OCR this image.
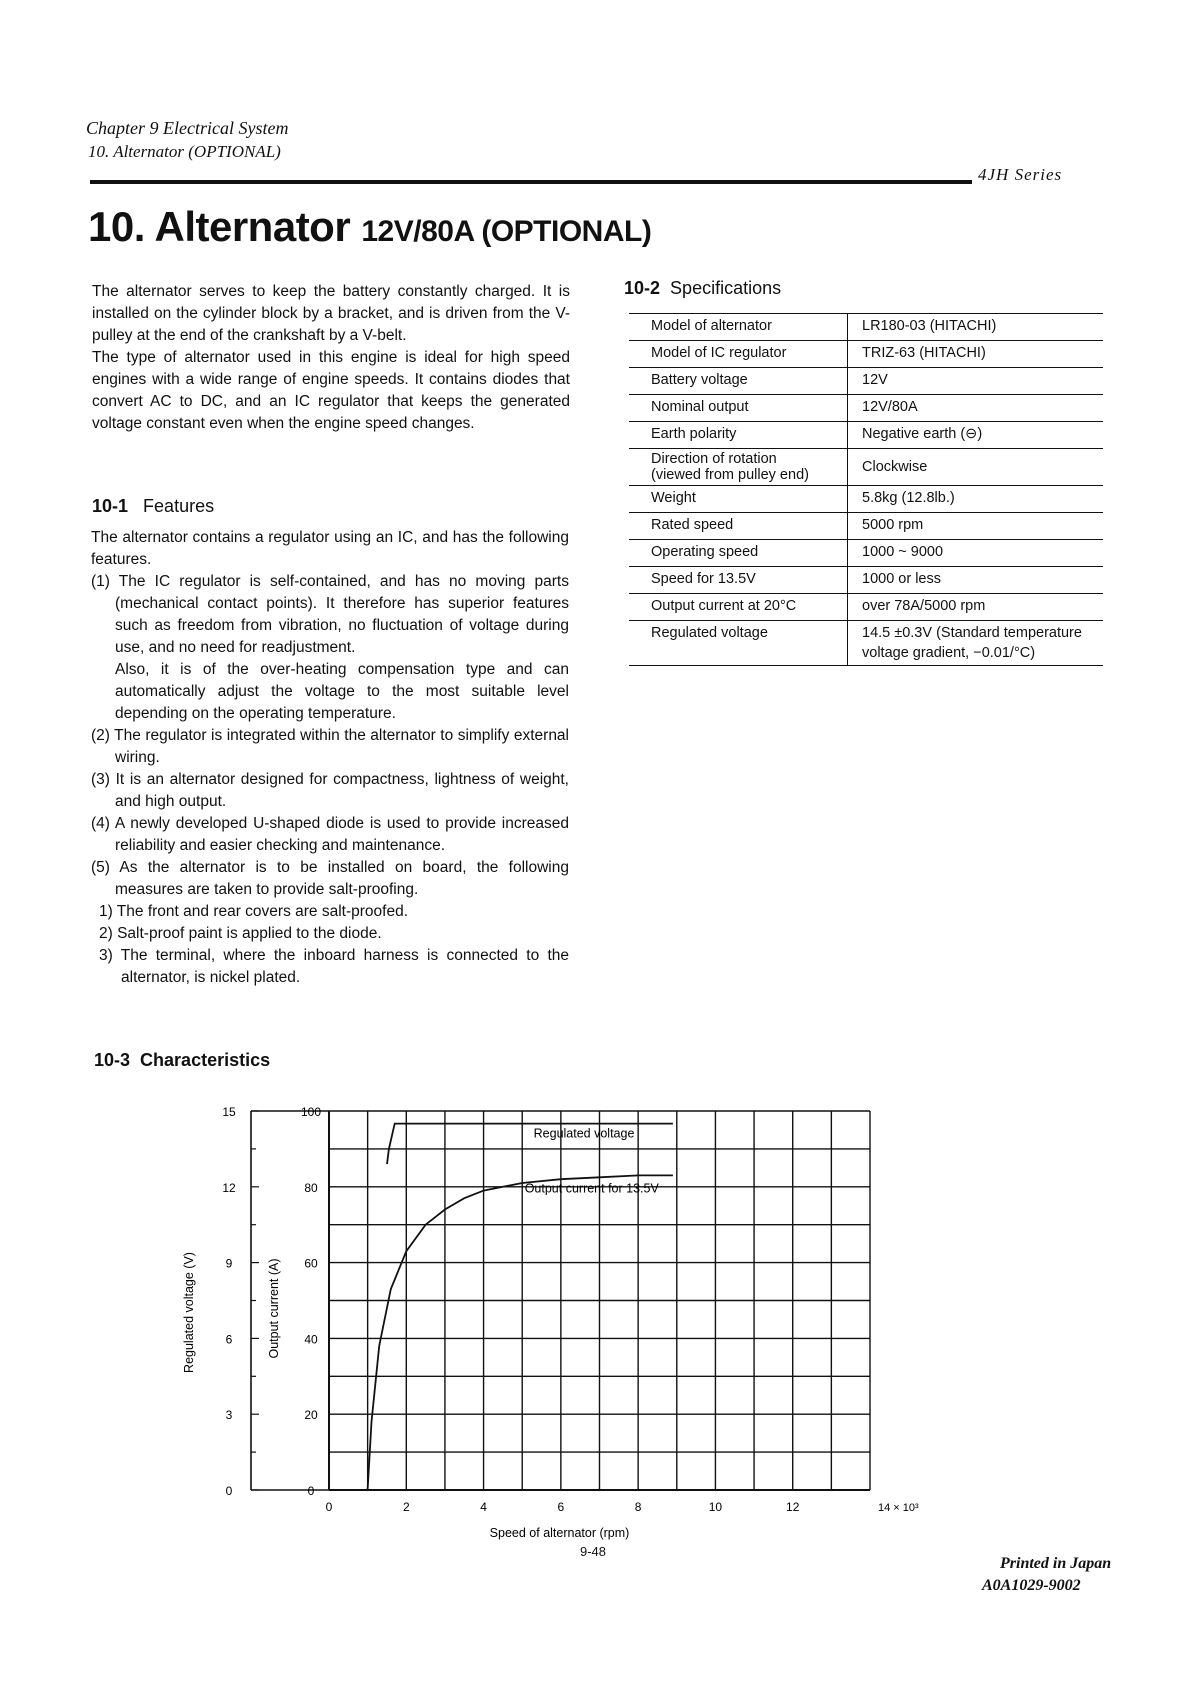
Chapter 9 Electrical System
10. Alternator (OPTIONAL)
4JH Series
10. Alternator 12V/80A (OPTIONAL)
The alternator serves to keep the battery constantly charged. It is installed on the cylinder block by a bracket, and is driven from the V-pulley at the end of the crankshaft by a V-belt.
The type of alternator used in this engine is ideal for high speed engines with a wide range of engine speeds. It contains diodes that convert AC to DC, and an IC regulator that keeps the generated voltage constant even when the engine speed changes.
10-1 Features

The alternator contains a regulator using an IC, and has the following features.

(1) The IC regulator is self-contained, and has no moving parts (mechanical contact points). It therefore has superior features such as freedom from vibration, no fluctuation of voltage during use, and no need for readjustment.

Also, it is of the over-heating compensation type and can automatically adjust the voltage to the most suitable level depending on the operating temperature.

(2) The regulator is integrated within the alternator to simplify external wiring.

(3) It is an alternator designed for compactness, lightness of weight, and high output.

(4) A newly developed U-shaped diode is used to provide increased reliability and easier checking and maintenance.

(5) As the alternator is to be installed on board, the following measures are taken to provide salt-proofing.

1) The front and rear covers are salt-proofed.

2) Salt-proof paint is applied to the diode.

3) The terminal, where the inboard harness is connected to the alternator, is nickel plated.

10-2 Specifications
Model of alternator	LR180-03 (HITACHI)
Model of IC regulator	TRIZ-63 (HITACHI)
Battery voltage	12V
Nominal output	12V/80A
Earth polarity	Negative earth (⊖)
Direction of rotation
(viewed from pulley end)	Clockwise
Weight	5.8kg (12.8lb.)
Rated speed	5000 rpm
Operating speed	1000 ~ 9000
Speed for 13.5V	1000 or less
Output current at 20°C	over 78A/5000 rpm
Regulated voltage	14.5 ±0.3V (Standard temperature voltage gradient, −0.01/°C)
10-3 Characteristics
0
3
6
9
12
15
0
20
40
60
80
100
0	2	4	6	8	10	12	14 × 10³
Speed of alternator (rpm)
Regulated voltage (V)	Output current (A)
Regulated voltage
Output current for 13.5V
9-48
Printed in Japan
A0A1029-9002
